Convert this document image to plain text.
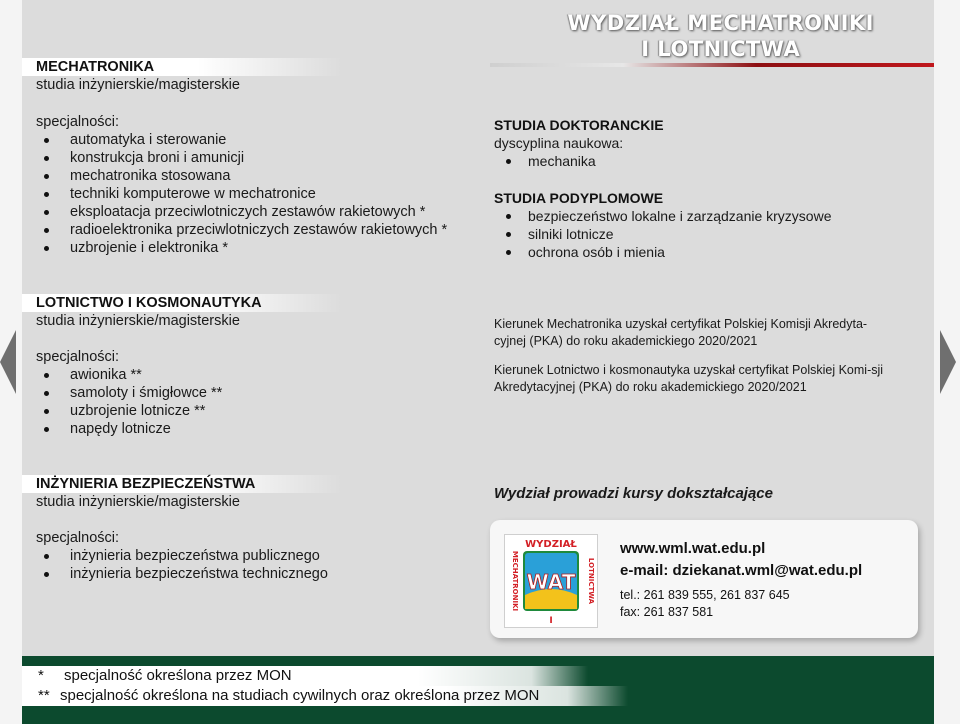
WYDZIAŁ MECHATRONIKI
I LOTNICTWA
MECHATRONIKA
studia inżynierskie/magisterskie
specjalności:
automatyka i sterowanie
konstrukcja broni i amunicji
mechatronika stosowana
techniki komputerowe w mechatronice
eksploatacja przeciwlotniczych zestawów rakietowych *
radioelektronika przeciwlotniczych zestawów rakietowych *
uzbrojenie i elektronika *
LOTNICTWO I KOSMONAUTYKA
studia inżynierskie/magisterskie
specjalności:
awionika **
samoloty i śmigłowce **
uzbrojenie lotnicze **
napędy lotnicze
INŻYNIERIA BEZPIECZEŃSTWA
studia inżynierskie/magisterskie
specjalności:
inżynieria bezpieczeństwa publicznego
inżynieria bezpieczeństwa technicznego
STUDIA DOKTORANCKIE
dyscyplina naukowa:
mechanika
STUDIA PODYPLOMOWE
bezpieczeństwo lokalne i zarządzanie kryzysowe
silniki lotnicze
ochrona osób i mienia
Kierunek Mechatronika uzyskał certyfikat Polskiej Komisji Akredyta-cyjnej (PKA) do roku akademickiego 2020/2021
Kierunek Lotnictwo i kosmonautyka uzyskał certyfikat Polskiej Komi-sji Akredytacyjnej (PKA) do roku akademickiego 2020/2021
Wydział prowadzi kursy dokształcające
WYDZIAŁ
MECHATRONIKI	LOTNICTWA
I
WAT
www.wml.wat.edu.pl
e-mail: dziekanat.wml@wat.edu.pl
tel.: 261 839 555, 261 837 645
fax: 261 837 581
* specjalność określona przez MON
** specjalność określona na studiach cywilnych oraz określona przez MON
